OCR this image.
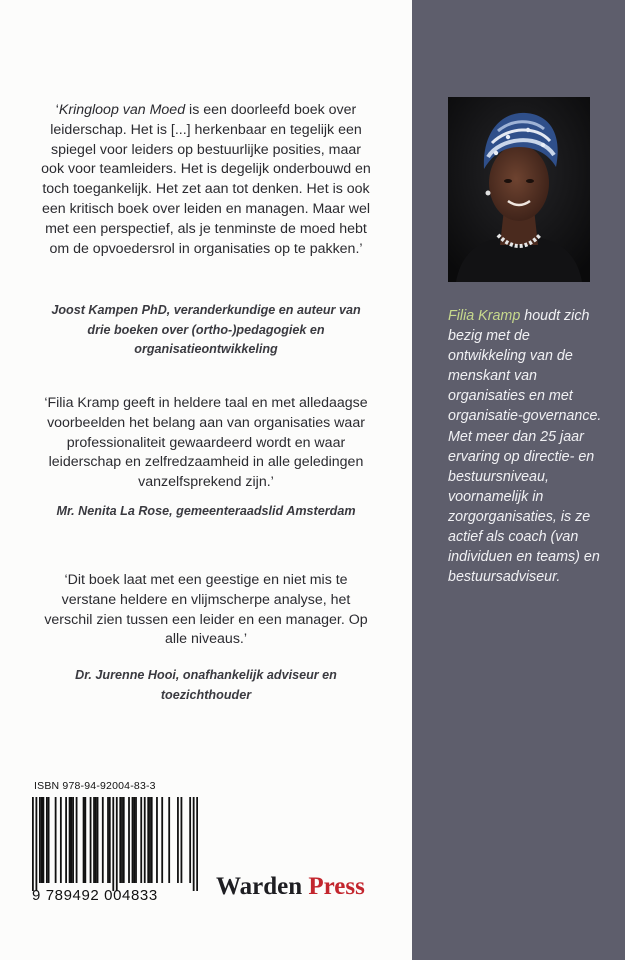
‘Kringloop van Moed is een doorleefd boek over leiderschap. Het is [...] herkenbaar en tegelijk een spiegel voor leiders op bestuurlijke posities, maar ook voor teamleiders. Het is degelijk onderbouwd en toch toegankelijk. Het zet aan tot denken. Het is ook een kritisch boek over leiden en managen. Maar wel met een perspectief, als je tenminste de moed hebt om de opvoedersrol in organisaties op te pakken.’
Joost Kampen PhD, veranderkundige en auteur van drie boeken over (ortho-)pedagogiek en organisatieontwikkeling
‘Filia Kramp geeft in heldere taal en met alledaagse voorbeelden het belang aan van organisaties waar professionaliteit gewaardeerd wordt en waar leiderschap en zelfredzaamheid in alle geledingen vanzelfsprekend zijn.’
Mr. Nenita La Rose, gemeenteraadslid Amsterdam
‘Dit boek laat met een geestige en niet mis te verstane heldere en vlijmscherpe analyse, het verschil zien tussen een leider en een manager. Op alle niveaus.’
Dr. Jurenne Hooi, onafhankelijk adviseur en toezichthouder
ISBN 978-94-92004-83-3
9 789492 004833	Warden Press
Filia Kramp houdt zich bezig met de ontwikkeling van de menskant van organisaties en met organisatie-governance. Met meer dan 25 jaar ervaring op directie- en bestuursniveau, voornamelijk in zorgorganisaties, is ze actief als coach (van individuen en teams) en bestuursadviseur.
